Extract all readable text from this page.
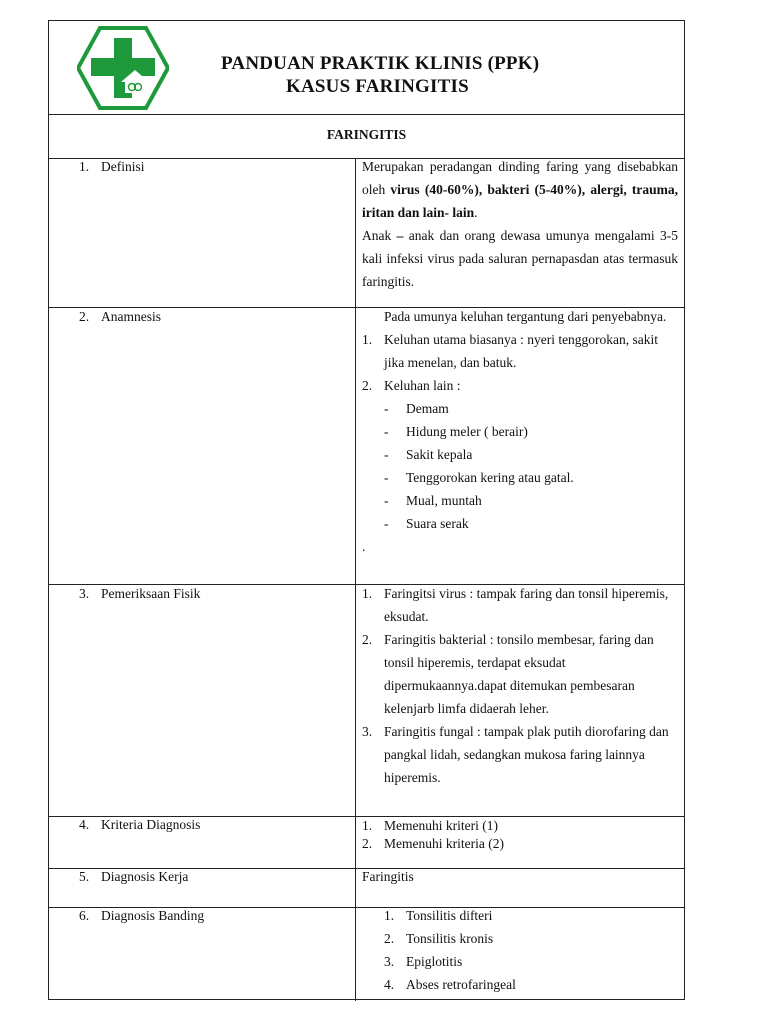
PANDUAN PRAKTIK KLINIS (PPK)
KASUS FARINGITIS
FARINGITIS
1. Definisi	Merupakan peradangan dinding faring yang disebabkan oleh virus (40-60%), bakteri (5-40%), alergi, trauma, iritan dan lain- lain.
Anak – anak dan orang dewasa umunya mengalami 3-5 kali infeksi virus pada saluran pernapasdan atas termasuk faringitis.
2. Anamnesis	Pada umunya keluhan tergantung dari penyebabnya.
1. Keluhan utama biasanya : nyeri tenggorokan, sakit jika menelan, dan batuk.
2. Keluhan lain :
- Demam
- Hidung meler ( berair)
- Sakit kepala
- Tenggorokan kering atau gatal.
- Mual, muntah
- Suara serak
.
3. Pemeriksaan Fisik	1. Faringitsi virus : tampak faring dan tonsil hiperemis, eksudat.
2. Faringitis bakterial : tonsilo membesar, faring dan tonsil hiperemis, terdapat eksudat dipermukaannya.dapat ditemukan pembesaran kelenjarb limfa didaerah leher.
3. Faringitis fungal : tampak plak putih diorofaring dan pangkal lidah, sedangkan mukosa faring lainnya hiperemis.
4. Kriteria Diagnosis	1. Memenuhi kriteri (1)
2. Memenuhi kriteria (2)
5. Diagnosis Kerja	Faringitis
6. Diagnosis Banding	1. Tonsilitis difteri
2. Tonsilitis kronis
3. Epiglotitis
4. Abses retrofaringeal
